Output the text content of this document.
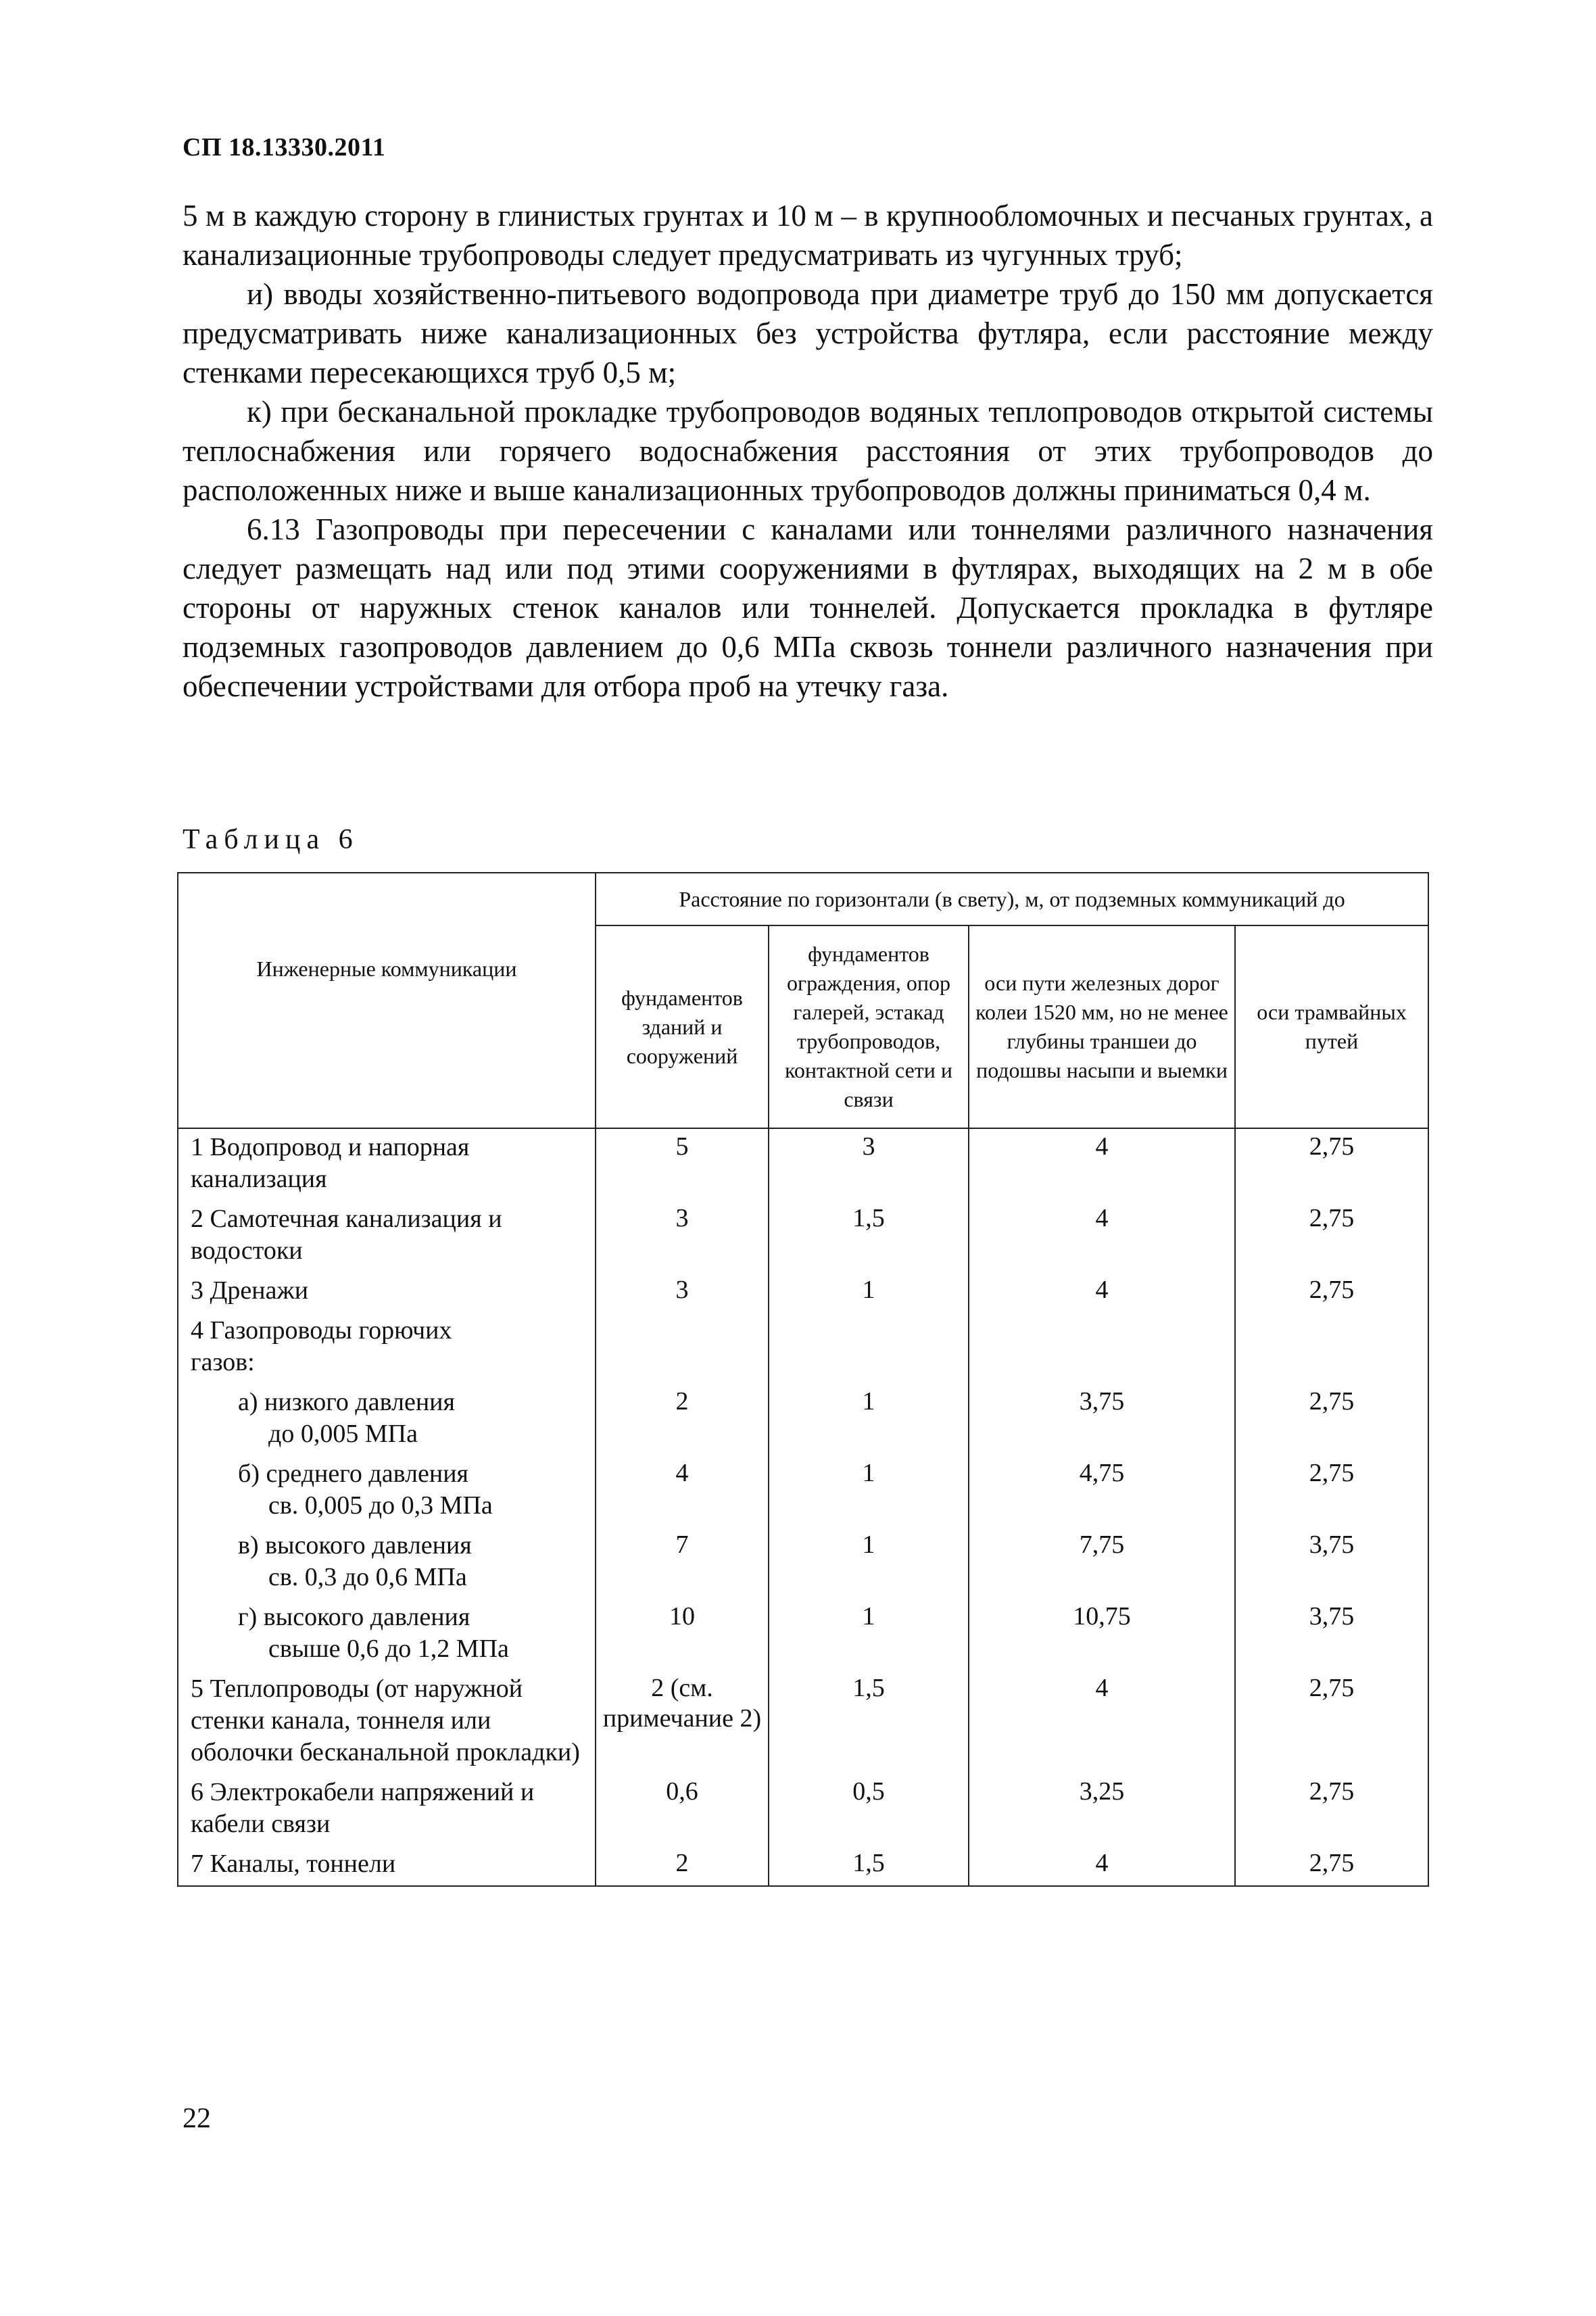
СП 18.13330.2011

5 м в каждую сторону в глинистых грунтах и 10 м – в крупнообломочных и песчаных грунтах, а канализационные трубопроводы следует предусматривать из чугунных труб;

и) вводы хозяйственно-питьевого водопровода при диаметре труб до 150 мм допускается предусматривать ниже канализационных без устройства футляра, если расстояние между стенками пересекающихся труб 0,5 м;

к) при бесканальной прокладке трубопроводов водяных теплопроводов открытой системы теплоснабжения или горячего водоснабжения расстояния от этих трубопроводов до расположенных ниже и выше канализационных трубопроводов должны приниматься 0,4 м.

6.13 Газопроводы при пересечении с каналами или тоннелями различного назначения следует размещать над или под этими сооружениями в футлярах, выходящих на 2 м в обе стороны от наружных стенок каналов или тоннелей. Допускается прокладка в футляре подземных газопроводов давлением до 0,6 МПа сквозь тоннели различного назначения при обеспечении устройствами для отбора проб на утечку газа.

Таблица 6
Инженерные коммуникации	Расстояние по горизонтали (в свету), м, от подземных коммуникаций до			
	фундаментов зданий и сооружений	фундаментов ограждения, опор галерей, эстакад трубопроводов, контактной сети и связи	оси пути железных дорог колеи 1520 мм, но не менее глубины траншеи до подошвы насыпи и выемки	оси трамвайных путей
1 Водопровод и напорная канализация	5	3	4	2,75
2 Самотечная канализация и водостоки	3	1,5	4	2,75
3 Дренажи	3	1	4	2,75
4 Газопроводы горючих газов:				

а) низкого давления
до 0,005 МПа	2	1	3,75	2,75

б) среднего давления
св. 0,005 до 0,3 МПа	4	1	4,75	2,75

в) высокого давления
св. 0,3 до 0,6 МПа	7	1	7,75	3,75

г) высокого давления
свыше 0,6 до 1,2 МПа	10	1	10,75	3,75
5 Теплопроводы (от наружной стенки канала, тоннеля или оболочки бесканальной прокладки)	2 (см. примечание 2)	1,5	4	2,75
6 Электрокабели напряжений и кабели связи	0,6	0,5	3,25	2,75
7 Каналы, тоннели	2	1,5	4	2,75
22
